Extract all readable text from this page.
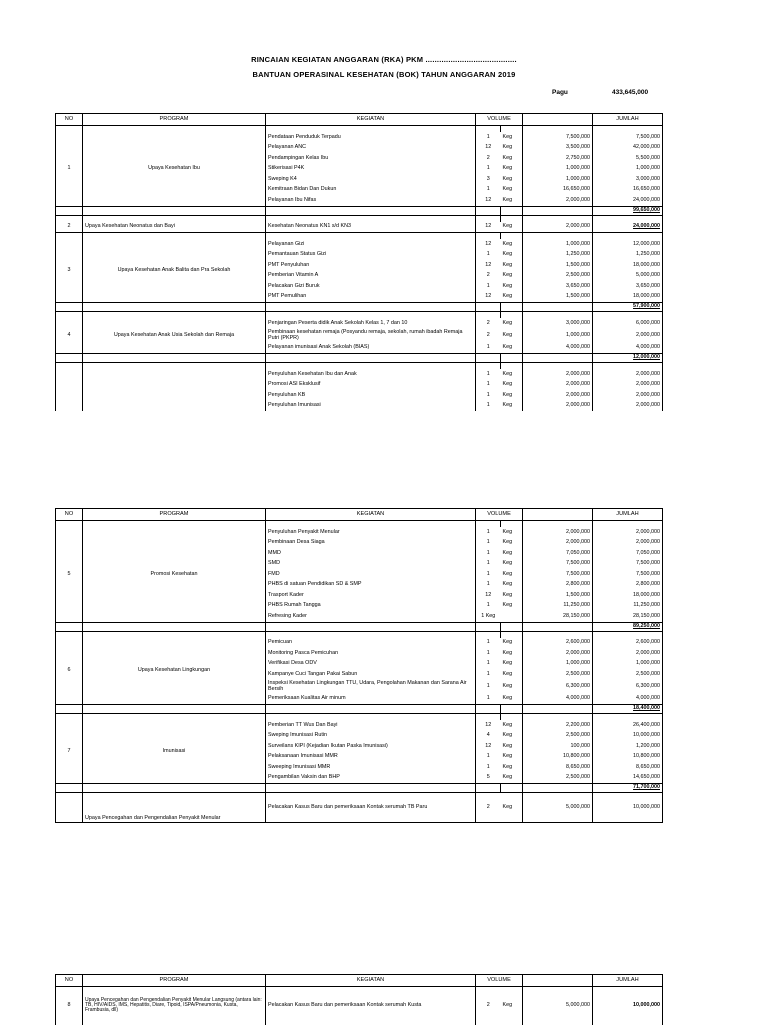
RINCAIAN KEGIATAN ANGGARAN (RKA) PKM ........................................
BANTUAN OPERASINAL KESEHATAN (BOK) TAHUN ANGGARAN 2019
Pagu	433,645,000
NO	PROGRAM	KEGIATAN	VOLUME			JUMLAH

1	Upaya Kesehatan Ibu	Pendataan Penduduk Terpadu	1	Keg	7,500,000	7,500,000
		Pelayanan ANC	12	Keg	3,500,000	42,000,000
		Pendampingan Kelas Ibu	2	Keg	2,750,000	5,500,000
		Stikerisasi P4K	1	Keg	1,000,000	1,000,000
		Sweping K4	3	Keg	1,000,000	3,000,000
		Kemitraan Bidan Dan Dukun	1	Keg	16,650,000	16,650,000
		Pelayanan Ibu Nifas	12	Keg	2,000,000	24,000,000
						99,650,000

2	Upaya Kesehatan Neonatus dan Bayi	Kesehatan Neonatus KN1 s/d KN3	12	Keg	2,000,000	24,000,000

3	Upaya Kesehatan Anak Balita dan Pra Sekolah	Pelayanan Gizi	12	Keg	1,000,000	12,000,000
		Pemantauan Status Gizi	1	Keg	1,250,000	1,250,000
		PMT Penyuluhan	12	Keg	1,500,000	18,000,000
		Pemberian Vitamin A	2	Keg	2,500,000	5,000,000
		Pelacakan Gizi Buruk	1	Keg	3,650,000	3,650,000
		PMT Pemulihan	12	Keg	1,500,000	18,000,000
						57,900,000

4	Upaya Kesehatan Anak Usia Sekolah dan Remaja	Penjaringan Peserta didik Anak Sekolah Kelas 1, 7 dan 10	2	Keg	3,000,000	6,000,000
		Pembinaan kesehatan remaja (Posyandu remaja, sekolah, rumah ibadah Remaja Putri (PKPR)	2	Keg	1,000,000	2,000,000
		Pelayanan imunisasi Anak Sekolah (BIAS)	1	Keg	4,000,000	4,000,000
						12,000,000

		Penyuluhan Kesehatan Ibu dan Anak	1	Keg	2,000,000	2,000,000
		Promosi ASI Eksklusif	1	Keg	2,000,000	2,000,000
		Penyuluhan KB	1	Keg	2,000,000	2,000,000
		Penyuluhan Imunisasi	1	Keg	2,000,000	2,000,000
NO	PROGRAM	KEGIATAN	VOLUME			JUMLAH

5	Promosi Kesehatan	Penyuluhan Penyakit Menular	1	Keg	2,000,000	2,000,000
		Pembinaan Desa Siaga	1	Keg	2,000,000	2,000,000
		MMD	1	Keg	7,050,000	7,050,000
		SMD	1	Keg	7,500,000	7,500,000
		FMD	1	Keg	7,500,000	7,500,000
		PHBS di satuan Pendidikan SD & SMP	1	Keg	2,800,000	2,800,000
		Trasport Kader	12	Keg	1,500,000	18,000,000
		PHBS Rumah Tangga	1	Keg	11,250,000	11,250,000
		Refresing Kader	1 Keg		28,150,000	28,150,000
						89,250,000

6	Upaya Kesehatan Lingkungan	Pemicuan	1	Keg	2,600,000	2,600,000
		Monitoring Pasca Pemicuhan	1	Keg	2,000,000	2,000,000
		Verifikasi Desa ODV	1	Keg	1,000,000	1,000,000
		Kampanye Cuci Tangan Pakai Sabun	1	Keg	2,500,000	2,500,000
		Inspeksi Kesehatan Lingkungan TTU, Udara, Pengolahan Makanan dan Sarana Air Bersih	1	Keg	6,300,000	6,300,000
		Pemeriksaan Kualitas Air minum	1	Keg	4,000,000	4,000,000
						18,400,000

7	Imunisasi	Pemberian TT Wus Dan Bayi	12	Keg	2,200,000	26,400,000
		Sweping Imunisasi Rutin	4	Keg	2,500,000	10,000,000
		Surveilans KIPI (Kejadian Ikutan Paska Imunisasi)	12	Keg	100,000	1,200,000
		Pelaksanaan Imunisasi MMR	1	Keg	10,800,000	10,800,000
		Sweeping Imunisasi MMR	1	Keg	8,650,000	8,650,000
		Pengambilan Vaksin dan BHP	5	Keg	2,500,000	14,650,000
						71,700,000
	Upaya Pencegahan dan Pengendalian Penyakit Menular	Pelacakan Kasus Baru dan pemeriksaan Kontak serumah TB Paru	2	Keg	5,000,000	10,000,000
NO	PROGRAM	KEGIATAN	VOLUME			JUMLAH
8	Upaya Pencegahan dan Pengendalian Penyakit Menular Langsung (antara lain: TB, HIV/AIDS, IMS, Hepatitis, Diare, Tipoid, ISPA/Pneumonia, Kusta, Frambusia, dll)	Pelacakan Kasus Baru dan pemeriksaan Kontak serumah Kusta	2	Keg	5,000,000	10,000,000
